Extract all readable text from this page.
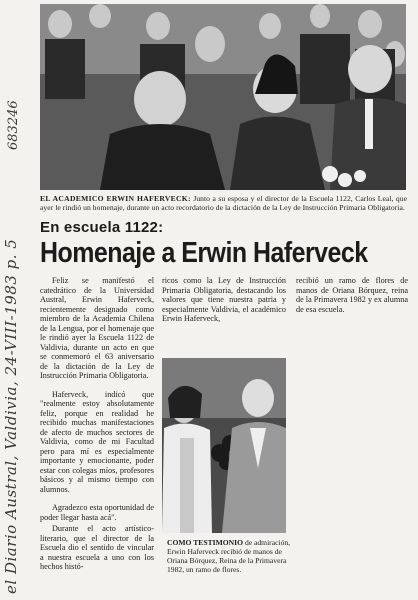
EL ACADEMICO ERWIN HAFERVECK: Junto a su esposa y el director de la Escuela 1122, Carlos Leal, que ayer le rindió un homenaje, durante un acto recordatorio de la dictación de la Ley de Instrucción Primaria Obligatoria.
En escuela 1122:
Homenaje a Erwin Haferveck

Feliz se manifestó el catedrático de la Universidad Austral, Erwin Haferveck, recientemente designado como miembro de la Academia Chilena de la Lengua, por el homenaje que le rindió ayer la Escuela 1122 de Valdivia, durante un acto en que se conmemoró el 63 aniversario de la dictación de la Ley de Instrucción Primaria Obligatoria.

Haferveck, indicó que "realmente estoy absolutamente feliz, porque en realidad he recibido muchas manifestaciones de afecto de muchos sectores de Valdivia, como de mi Facultad pero para mí es especialmente importante y emocionante, poder estar con colegas míos, profesores básicos y al mismo tiempo con alumnos.

Agradezco esta oportunidad de poder llegar hasta acá".

Durante el acto artístico-literario, que el director de la Escuela dio el sentido de vincular a nuestra escuela a uno con los hechos histó-

ricos como la Ley de Instrucción Primaria Obligatoria, destacando los valores que tiene nuestra patria y especialmente Valdivia, el académico Erwin Haferveck,

recibió un ramo de flores de manos de Oriana Bórquez, reina de la Primavera 1982 y ex alumna de esa escuela.

COMO TESTIMONIO de admiración, Erwin Haferveck recibió de manos de Oriana Bórquez, Reina de la Primavera 1982, un ramo de flores.
el Diario Austral, Valdivia, 24-VIII-1983 p. 5
683246
